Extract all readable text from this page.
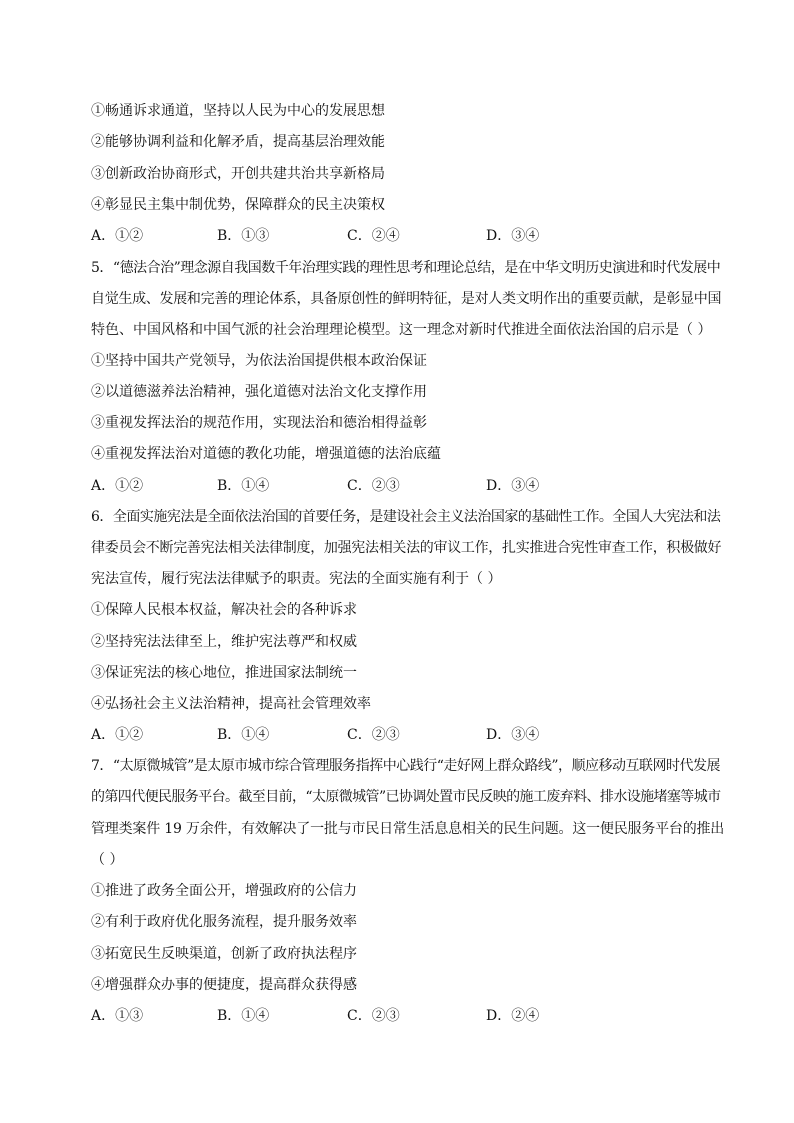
①畅通诉求通道，坚持以人民为中心的发展思想
②能够协调利益和化解矛盾，提高基层治理效能
③创新政治协商形式，开创共建共治共享新格局
④彰显民主集中制优势，保障群众的民主决策权
A．①②	B．①③	C．②④	D．③④
5．“德法合治”理念源自我国数千年治理实践的理性思考和理论总结，是在中华文明历史演进和时代发展中
自觉生成、发展和完善的理论体系，具备原创性的鲜明特征，是对人类文明作出的重要贡献，是彰显中国
特色、中国风格和中国气派的社会治理理论模型。这一理念对新时代推进全面依法治国的启示是（ ）
①坚持中国共产党领导，为依法治国提供根本政治保证
②以道德滋养法治精神，强化道德对法治文化支撑作用
③重视发挥法治的规范作用，实现法治和德治相得益彰
④重视发挥法治对道德的教化功能，增强道德的法治底蕴
A．①②	B．①④	C．②③	D．③④
6．全面实施宪法是全面依法治国的首要任务，是建设社会主义法治国家的基础性工作。全国人大宪法和法
律委员会不断完善宪法相关法律制度，加强宪法相关法的审议工作，扎实推进合宪性审查工作，积极做好
宪法宣传，履行宪法法律赋予的职责。宪法的全面实施有利于（ ）
①保障人民根本权益，解决社会的各种诉求
②坚持宪法法律至上，维护宪法尊严和权威
③保证宪法的核心地位，推进国家法制统一
④弘扬社会主义法治精神，提高社会管理效率
A．①②	B．①④	C．②③	D．③④
7．“太原微城管”是太原市城市综合管理服务指挥中心践行“走好网上群众路线”，顺应移动互联网时代发展
的第四代便民服务平台。截至目前，“太原微城管”已协调处置市民反映的施工废弃料、排水设施堵塞等城市
管理类案件 19 万余件，有效解决了一批与市民日常生活息息相关的民生问题。这一便民服务平台的推出
（ ）
①推进了政务全面公开，增强政府的公信力
②有利于政府优化服务流程，提升服务效率
③拓宽民生反映渠道，创新了政府执法程序
④增强群众办事的便捷度，提高群众获得感
A．①③	B．①④	C．②③	D．②④
